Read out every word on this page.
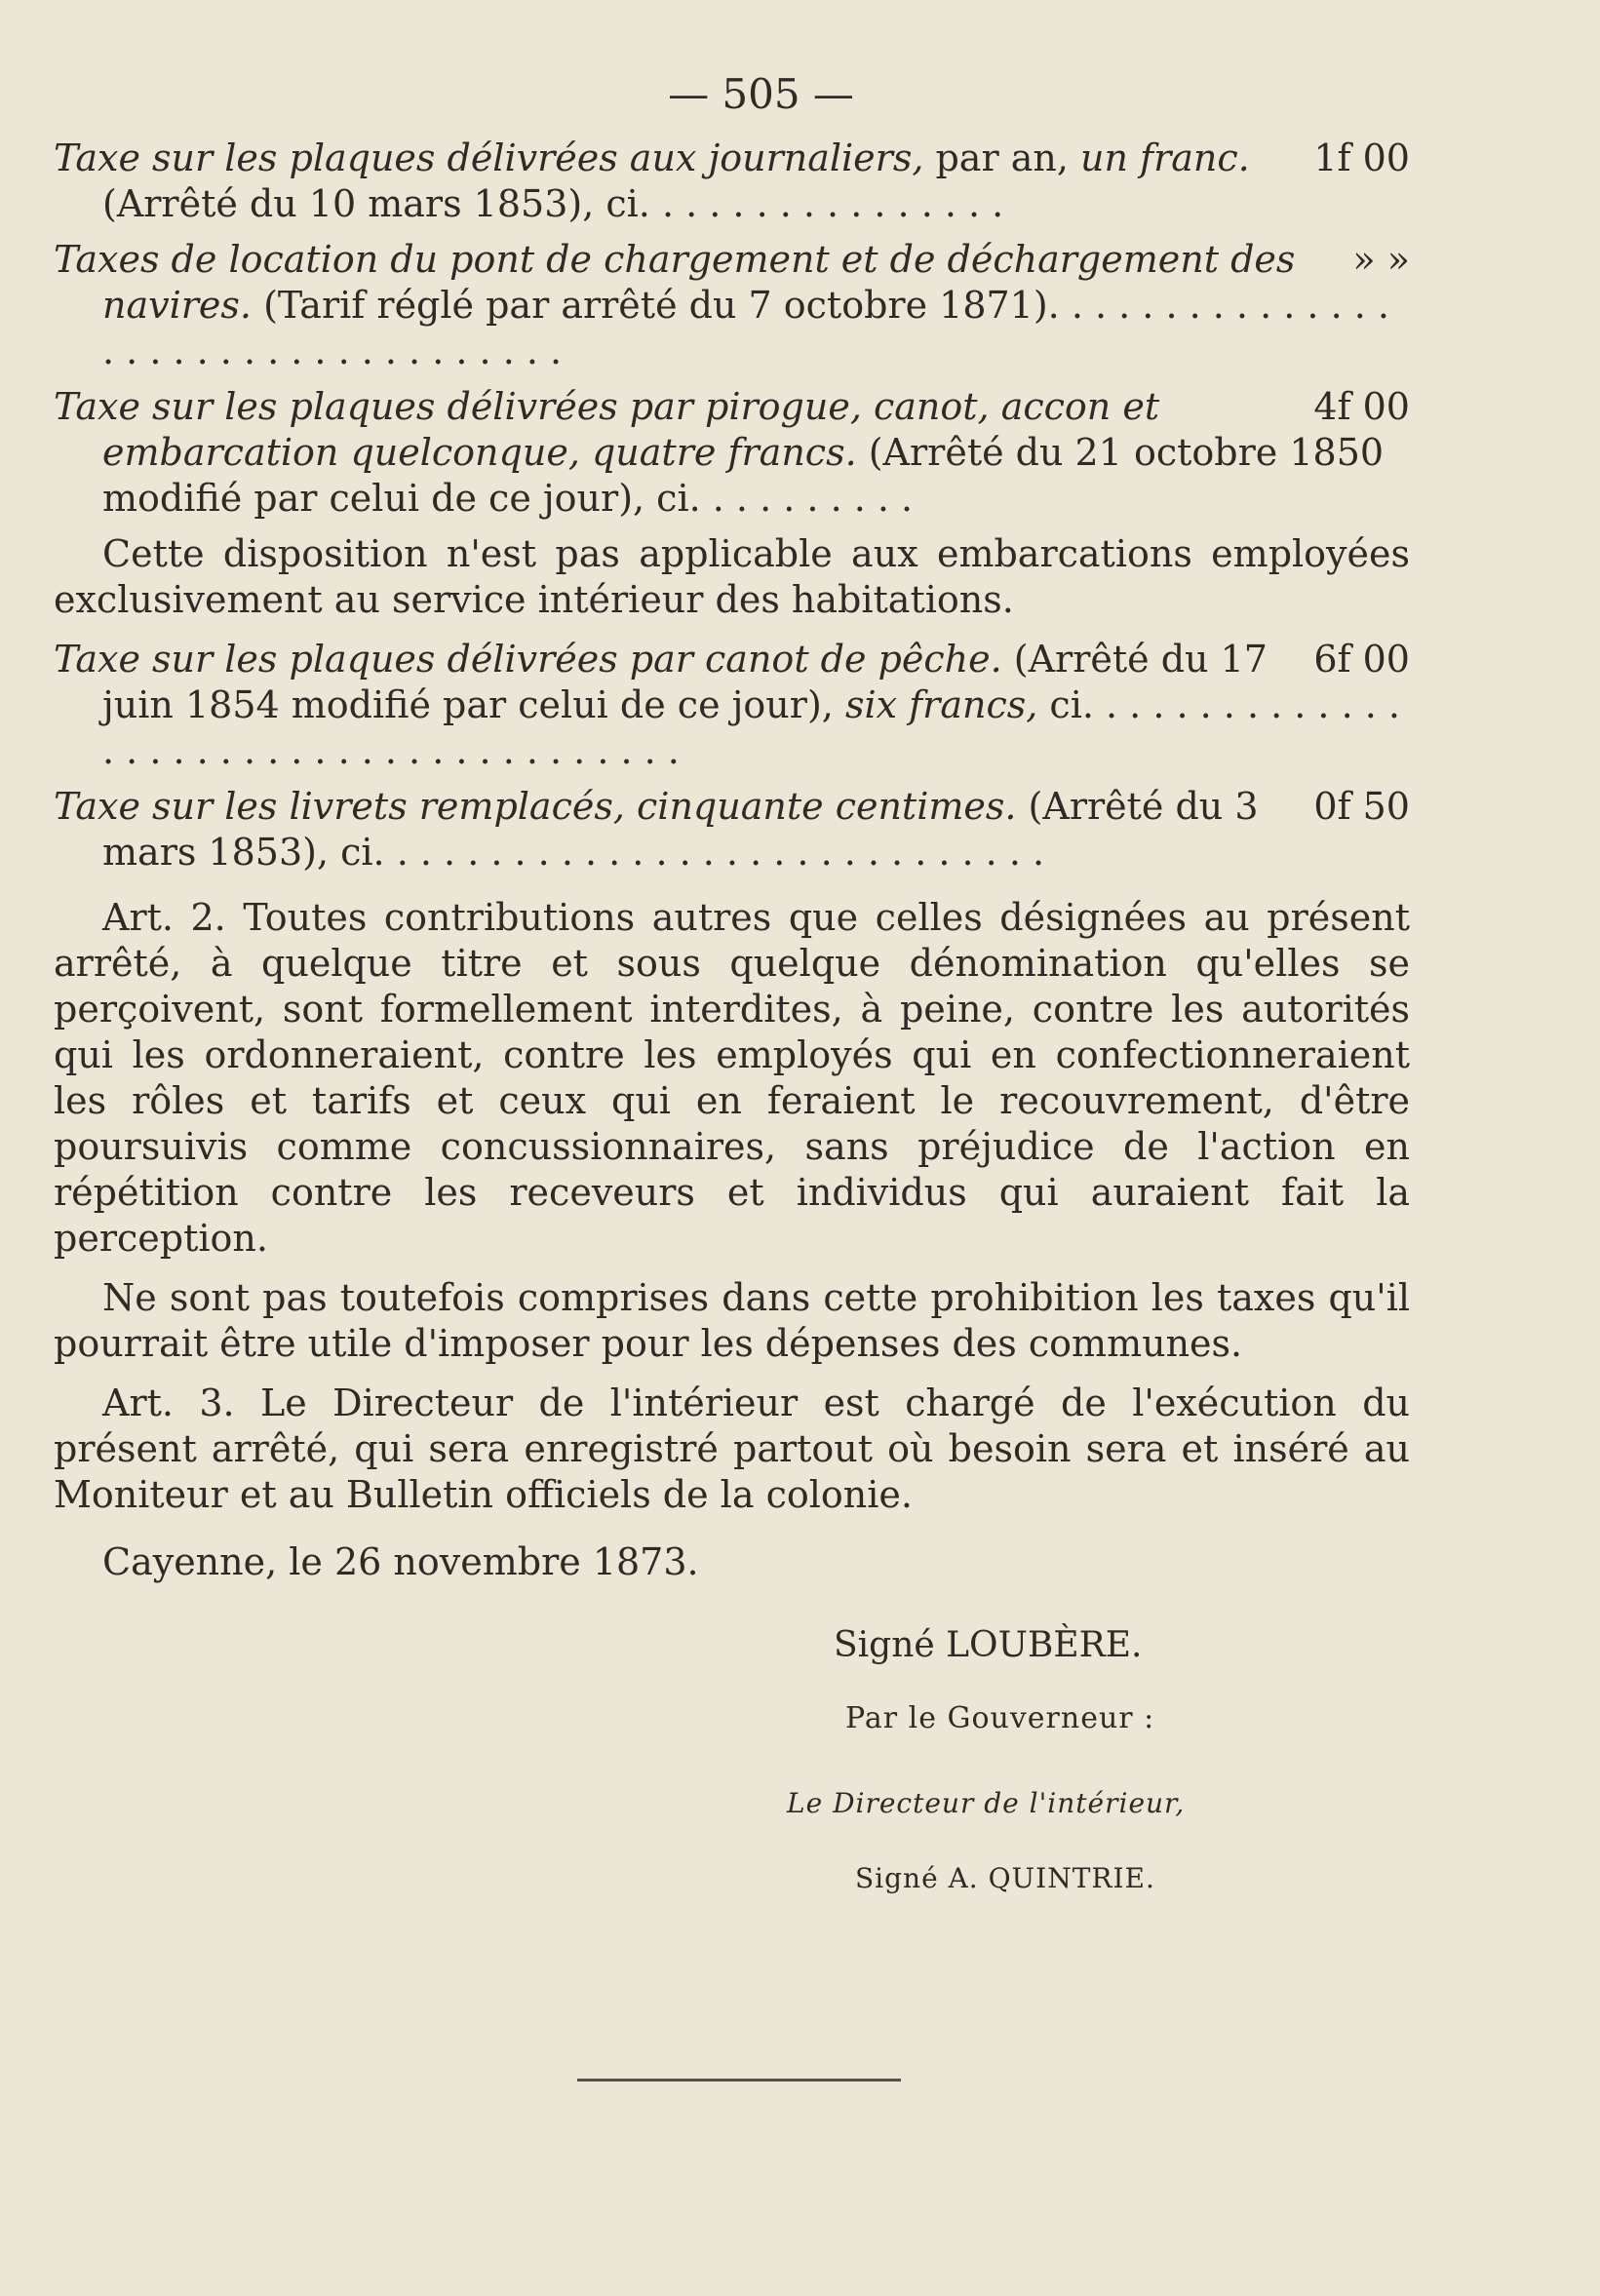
— 505 —
1f 00
Taxe sur les plaques délivrées aux journaliers, par an, un franc. (Arrêté du 10 mars 1853), ci. . . . . . . . . . . . . . . .
» »
Taxes de location du pont de chargement et de déchargement des navires. (Tarif réglé par arrêté du 7 octobre 1871). . . . . . . . . . . . . . . . . . . . . . . . . . . . . . . . . . .
4f 00
Taxe sur les plaques délivrées par pirogue, canot, accon et embarcation quelconque, quatre francs. (Arrêté du 21 octobre 1850 modifié par celui de ce jour), ci. . . . . . . . . .
Cette disposition n'est pas applicable aux embarcations employées exclusivement au service intérieur des habitations.
6f 00
Taxe sur les plaques délivrées par canot de pêche. (Arrêté du 17 juin 1854 modifié par celui de ce jour), six francs, ci. . . . . . . . . . . . . . . . . . . . . . . . . . . . . . . . . . . . . . .
0f 50
Taxe sur les livrets remplacés, cinquante centimes. (Arrêté du 3 mars 1853), ci. . . . . . . . . . . . . . . . . . . . . . . . . . . . .
Art. 2. Toutes contributions autres que celles désignées au présent arrêté, à quelque titre et sous quelque dénomination qu'elles se perçoivent, sont formellement interdites, à peine, contre les autorités qui les ordonneraient, contre les employés qui en confectionneraient les rôles et tarifs et ceux qui en feraient le recouvrement, d'être poursuivis comme concussionnaires, sans préjudice de l'action en répétition contre les receveurs et individus qui auraient fait la perception.
Ne sont pas toutefois comprises dans cette prohibition les taxes qu'il pourrait être utile d'imposer pour les dépenses des communes.
Art. 3. Le Directeur de l'intérieur est chargé de l'exécution du présent arrêté, qui sera enregistré partout où besoin sera et inséré au Moniteur et au Bulletin officiels de la colonie.
Cayenne, le 26 novembre 1873.
Signé LOUBÈRE.
Par le Gouverneur :
Le Directeur de l'intérieur,
Signé A. QUINTRIE.
